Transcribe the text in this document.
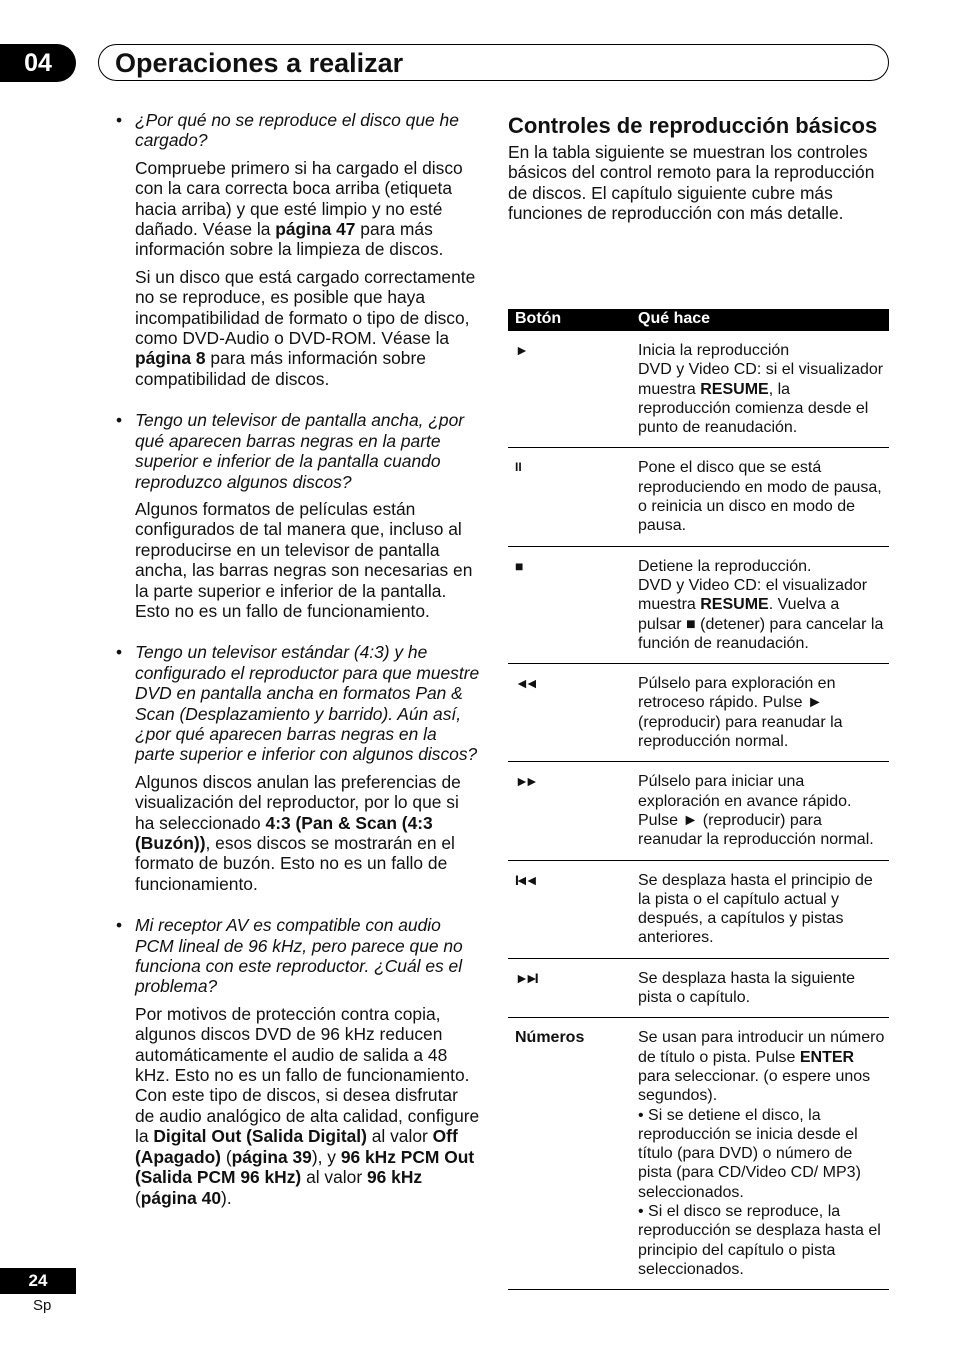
04	Operaciones a realizar
• ¿Por qué no se reproduce el disco que he cargado?

Compruebe primero si ha cargado el disco con la cara correcta boca arriba (etiqueta hacia arriba) y que esté limpio y no esté dañado. Véase la página 47 para más información sobre la limpieza de discos.

Si un disco que está cargado correctamente no se reproduce, es posible que haya incompatibilidad de formato o tipo de disco, como DVD-Audio o DVD-ROM. Véase la página 8 para más información sobre compatibilidad de discos.

• Tengo un televisor de pantalla ancha, ¿por qué aparecen barras negras en la parte superior e inferior de la pantalla cuando reproduzco algunos discos?

Algunos formatos de películas están configurados de tal manera que, incluso al reproducirse en un televisor de pantalla ancha, las barras negras son necesarias en la parte superior e inferior de la pantalla. Esto no es un fallo de funcionamiento.

• Tengo un televisor estándar (4:3) y he configurado el reproductor para que muestre DVD en pantalla ancha en formatos Pan & Scan (Desplazamiento y barrido). Aún así, ¿por qué aparecen barras negras en la parte superior e inferior con algunos discos?

Algunos discos anulan las preferencias de visualización del reproductor, por lo que si ha seleccionado 4:3 (Pan & Scan (4:3 (Buzón)), esos discos se mostrarán en el formato de buzón. Esto no es un fallo de funcionamiento.

• Mi receptor AV es compatible con audio PCM lineal de 96 kHz, pero parece que no funciona con este reproductor. ¿Cuál es el problema?

Por motivos de protección contra copia, algunos discos DVD de 96 kHz reducen automáticamente el audio de salida a 48 kHz. Esto no es un fallo de funcionamiento. Con este tipo de discos, si desea disfrutar de audio analógico de alta calidad, configure la Digital Out (Salida Digital) al valor Off (Apagado) (página 39), y 96 kHz PCM Out (Salida PCM 96 kHz) al valor 96 kHz (página 40).

Controles de reproducción básicos

En la tabla siguiente se muestran los controles básicos del control remoto para la reproducción de discos. El capítulo siguiente cubre más funciones de reproducción con más detalle.

Botón	Qué hace
►	Inicia la reproducción
DVD y Video CD: si el visualizador muestra RESUME, la reproducción comienza desde el punto de reanudación.
II	Pone el disco que se está reproduciendo en modo de pausa, o reinicia un disco en modo de pausa.
■	Detiene la reproducción.
DVD y Video CD: el visualizador muestra RESUME. Vuelva a pulsar ■ (detener) para cancelar la función de reanudación.
◄◄	Púlselo para exploración en retroceso rápido. Pulse ► (reproducir) para reanudar la reproducción normal.
►►	Púlselo para iniciar una exploración en avance rápido. Pulse ► (reproducir) para reanudar la reproducción normal.
I◄◄	Se desplaza hasta el principio de la pista o el capítulo actual y después, a capítulos y pistas anteriores.
►►I	Se desplaza hasta la siguiente pista o capítulo.
Números	Se usan para introducir un número de título o pista. Pulse ENTER para seleccionar. (o espere unos segundos).
• Si se detiene el disco, la reproducción se inicia desde el título (para DVD) o número de pista (para CD/Video CD/ MP3) seleccionados.
• Si el disco se reproduce, la reproducción se desplaza hasta el principio del capítulo o pista seleccionados.
24
Sp
